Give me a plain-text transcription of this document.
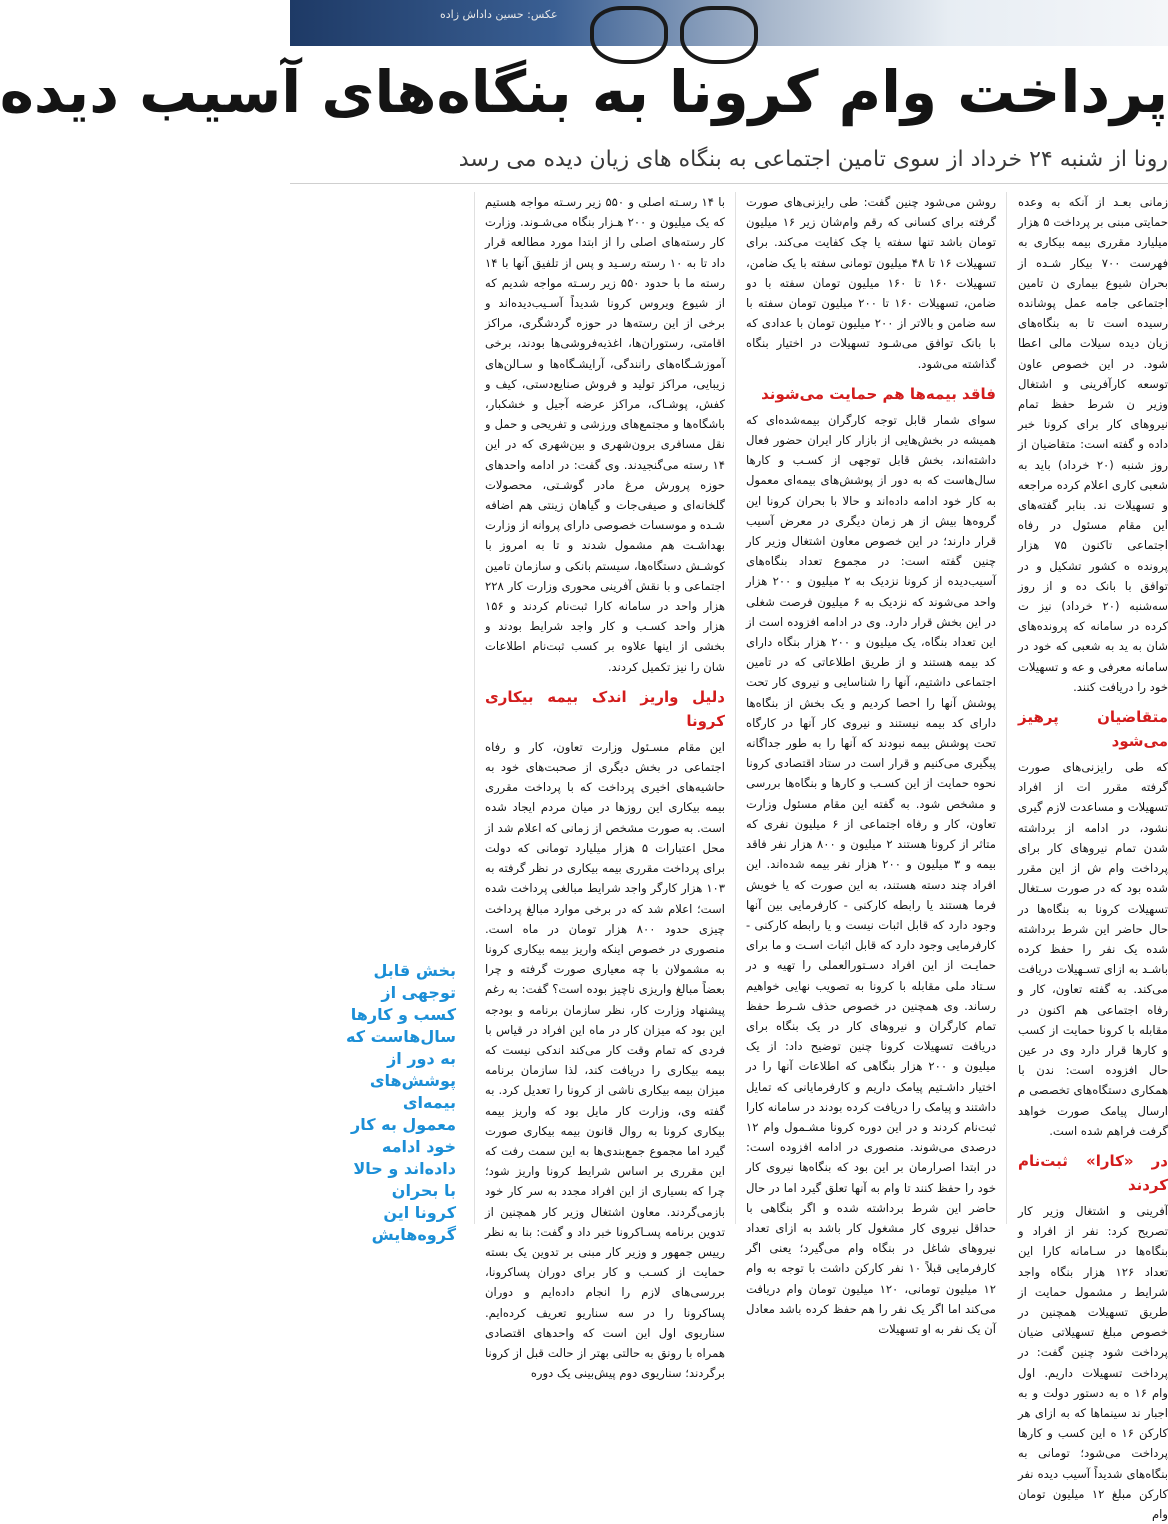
عکس: حسین داداش زاده
پرداخت وام کرونا به بنگاه‌های آسیب دیده
رونا از شنبه ۲۴ خرداد از سوی تامین اجتماعی به بنگاه های زیان دیده می رسد

زمانی بعـد از آنکه به وعده حمایتی مبنی بر پرداخت ۵ هزار میلیارد مقرری بیمه بیکاری به فهرست ۷۰۰ بیکار شـده از بحران شیوع بیماری ن تامین اجتماعی جامه عمل پوشانده رسیده است تا به بنگاه‌های زیان دیده سیلات مالی اعطا شود. در این خصوص عاون توسعه کارآفرینی و اشتغال وزیر ن شرط حفظ تمام نیروهای کار برای کرونا خبر داده و گفته است: متقاضیان از روز شنبه (۲۰ خرداد) باید به شعبی کاری اعلام کرده مراجعه و تسهیلات ند. بنابر گفته‌های این مقام مسئول در رفاه اجتماعی تاکنون ۷۵ هزار پرونده ه کشور تشکیل و در توافق با بانک ده و از روز سه‌شنبه (۲۰ خرداد) نیز ت کرده در سامانه که پرونده‌های شان به ید به شعبی که خود در سامانه معرفی و عه و تسهیلات خود را دریافت کنند.

متقاضیان پرهیز می‌شود

که طی رایزنی‌های صورت گرفته مقرر ات از افراد تسهیلات و مساعدت لازم گیری نشود، در ادامه از برداشته شدن تمام نیروهای کار برای پرداخت وام ش از این مقرر شده بود که در صورت سـتغال تسهیلات کرونا به بنگاه‌ها در حال حاضر این شرط برداشته شده یک نفر را حفظ کرده باشـد به ازای تسـهیلات دریافت می‌کند. به گفته تعاون، کار و رفاه اجتماعی هم اکنون در مقابله با کرونا حمایت از کسب و کارها قرار دارد وی در عین حال افزوده است: ندن با همکاری دستگاه‌های تخصصی م ارسال پیامک صورت خواهد گرفت فراهم شده است.

در «کارا» ثبت‌نام کردند

آفرینی و اشتغال وزیر کار تصریح کرد: نفر از افراد و بنگاه‌ها در سـامانه کارا این تعداد ۱۲۶ هزار بنگاه واجد شرایط ر مشمول حمایت از طریق تسهیلات همچنین در خصوص مبلغ تسهیلاتی ضیان پرداخت شود چنین گفت: در پرداخت تسهیلات داریم. اول وام ۱۶ ه به دستور دولت و به اجبار ند سینماها که به ازای هر کارکن ۱۶ ه این کسب و کارها پرداخت می‌شود؛ تومانی به بنگاه‌های شدیداً آسیب دیده نفر کارکن مبلغ ۱۲ میلیون تومان وام

روشن می‌شود چنین گفت: طی رایزنی‌های صورت گرفته برای کسانی که رقم وام‌شان زیر ۱۶ میلیون تومان باشد تنها سفته یا چک کفایت می‌کند. برای تسهیلات ۱۶ تا ۴۸ میلیون تومانی سفته با یک ضامن، تسهیلات ۱۶۰ تا ۱۶۰ میلیون تومان سفته با دو ضامن، تسهیلات ۱۶۰ تا ۲۰۰ میلیون تومان سفته با سه ضامن و بالاتر از ۲۰۰ میلیون تومان با عدادی که با بانک توافق می‌شـود تسهیلات در اختیار بنگاه گذاشته می‌شود.

فاقد بیمه‌ها هم حمایت می‌شوند

سوای شمار قابل توجه کارگران بیمه‌شده‌ای که همیشه در بخش‌هایی از بازار کار ایران حضور فعال داشته‌اند، بخش قابل توجهی از کسـب و کارها سال‌هاست که به دور از پوشش‌های بیمه‌ای معمول به کار خود ادامه داده‌اند و حالا با بحران کرونا این گروه‌ها بیش از هر زمان دیگری در معرض آسیب قرار دارند؛ در این خصوص معاون اشتغال وزیر کار چنین گفته است: در مجموع تعداد بنگاه‌های آسیب‌دیده از کرونا نزدیک به ۲ میلیون و ۲۰۰ هزار واحد می‌شوند که نزدیک به ۶ میلیون فرصت شغلی در این بخش قرار دارد. وی در ادامه افزوده است از این تعداد بنگاه، یک میلیون و ۲۰۰ هزار بنگاه دارای کد بیمه هستند و از طریق اطلاعاتی که در تامین اجتماعی داشتیم، آنها را شناسایی و نیروی کار تحت پوشش آنها را احصا کردیم و یک بخش از بنگاه‌ها دارای کد بیمه نیستند و نیروی کار آنها در کارگاه تحت پوشش بیمه نبودند که آنها را به طور جداگانه پیگیری می‌کنیم و قرار است در ستاد اقتصادی کرونا نحوه حمایت از این کسـب و کارها و بنگاه‌ها بررسی و مشخص شود. به گفته این مقام مسئول وزارت تعاون، کار و رفاه اجتماعی از ۶ میلیون نفری که متاثر از کرونا هستند ۲ میلیون و ۸۰۰ هزار نفر فاقد بیمه و ۳ میلیون و ۲۰۰ هزار نفر بیمه شده‌اند. این افراد چند دسته هستند، به این صورت که یا خویش فرما هستند یا رابطه کارکنی - کارفرمایی بین آنها وجود دارد که قابل اثبات نیست و یا رابطه کارکنی - کارفرمایی وجود دارد که قابل اثبات اسـت و ما برای حمایـت از این افراد دسـتورالعملی را تهیه و در سـتاد ملی مقابله با کرونا به تصویب نهایی خواهیم رساند. وی همچنین در خصوص حذف شـرط حفظ تمام کارگران و نیروهای کار در یک بنگاه برای دریافت تسهیلات کرونا چنین توضیح داد: از یک میلیون و ۲۰۰ هزار بنگاهی که اطلاعات آنها را در اختیار داشـتیم پیامک داریم و کارفرمایانی که تمایل داشتند و پیامک را دریافت کرده بودند در سامانه کارا ثبت‌نام کردند و در این دوره کرونا مشـمول وام ۱۲ درصدی می‌شوند. منصوری در ادامه افزوده است: در ابتدا اصرارمان بر این بود که بنگاه‌ها نیروی کار خود را حفظ کنند تا وام به آنها تعلق گیرد اما در حال حاضر این شرط برداشته شده و اگر بنگاهی با حداقل نیروی کار مشغول کار باشد به ازای تعداد نیروهای شاغل در بنگاه وام می‌گیرد؛ یعنی اگر کارفرمایی قبلاً ۱۰ نفر کارکن داشت با توجه به وام ۱۲ میلیون تومانی، ۱۲۰ میلیون تومان وام دریافت می‌کند اما اگر یک نفر را هم حفظ کرده باشد معادل آن یک نفر به او تسهیلات

با ۱۴ رسـته اصلی و ۵۵۰ زیر رسـته مواجه هستیم که یک میلیون و ۲۰۰ هـزار بنگاه می‌شـوند. وزارت کار رسته‌های اصلی را از ابتدا مورد مطالعه قرار داد تا به ۱۰ رسته رسـید و پس از تلفیق آنها با ۱۴ رسته ما با حدود ۵۵۰ زیر رسـته مواجه شدیم که از شیوع ویروس کرونا شدیداً آسـیب‌دیده‌اند و برخی از این رسته‌ها در حوزه گردشگری، مراکز اقامتی، رستوران‌ها، اغذیه‌فروشی‌ها بودند، برخی آموزشـگاه‌های رانندگی، آرایشـگاه‌ها و سـالن‌های زیبایی، مراکز تولید و فروش صنایع‌دستی، کیف و کفش، پوشـاک، مراکز عرضه آجیل و خشکبار، باشگاه‌ها و مجتمع‌های ورزشی و تفریحی و حمل و نقل مسافری برون‌شهری و بین‌شهری که در این ۱۴ رسته می‌گنجیدند. وی گفت: در ادامه واحدهای حوزه پرورش مرغ مادر گوشـتی، محصولات گلخانه‌ای و صیفی‌جات و گیاهان زینتی هم اضافه شـده و موسسات خصوصی دارای پروانه از وزارت بهداشـت هم مشمول شدند و تا به امروز با کوشـش دستگاه‌ها، سیستم بانکی و سازمان تامین اجتماعی و با نقش آفرینی محوری وزارت کار ۲۲۸ هزار واحد در سامانه کارا ثبت‌نام کردند و ۱۵۶ هزار واحد کسـب و کار واجد شرایط بودند و بخشی از اینها علاوه بر کسب ثبت‌نام اطلاعات شان را نیز تکمیل کردند.

دلیل واریز اندک بیمه بیکاری کرونا

این مقام مسـئول وزارت تعاون، کار و رفاه اجتماعی در بخش دیگری از صحبت‌های خود به حاشیه‌های اخیری پرداخت که با پرداخت مقرری بیمه بیکاری این روزها در میان مردم ایجاد شده است. به صورت مشخص از زمانی که اعلام شد از محل اعتبارات ۵ هزار میلیارد تومانی که دولت برای پرداخت مقرری بیمه بیکاری در نظر گرفته به ۱۰۳ هزار کارگر واجد شرایط مبالغی پرداخت شده است؛ اعلام شد که در برخی موارد مبالغ پرداخت چیزی حدود ۸۰۰ هزار تومان در ماه است. منصوری در خصوص اینکه واریز بیمه بیکاری کرونا به مشمولان با چه معیاری صورت گرفته و چرا بعضاً مبالغ واریزی ناچیز بوده است؟ گفت: به رغم پیشنهاد وزارت کار، نظر سازمان برنامه و بودجه این بود که میزان کار در ماه این افراد در قیاس با فردی که تمام وقت کار می‌کند اندکی نیست که بیمه بیکاری را دریافت کند، لذا سازمان برنامه میزان بیمه بیکاری ناشی از کرونا را تعدیل کرد. به گفته وی، وزارت کار مایل بود که واریز بیمه بیکاری کرونا به روال قانون بیمه بیکاری صورت گیرد اما مجموع جمع‌بندی‌ها به این سمت رفت که این مقرری بر اساس شرایط کرونا واریز شود؛ چرا که بسیاری از این افراد مجدد به سر کار خود بازمی‌گردند. معاون اشتغال وزیر کار همچنین از تدوین برنامه پسـاکرونا خبر داد و گفت: بنا به نظر رییس جمهور و وزیر کار مبنی بر تدوین یک بسته حمایت از کسـب و کار برای دوران پساکرونا، بررسی‌های لازم را انجام داده‌ایم و دوران پساکرونا را در سه سناریو تعریف کرده‌ایم. سناریوی اول این است که واحدهای اقتصادی همراه با رونق به حالتی بهتر از حالت قبل از کرونا برگردند؛ سناریوی دوم پیش‌بینی یک دوره

بخش قابل توجهی از کسب و کارها سال‌هاست که به دور از پوشش‌های بیمه‌ای معمول به کار خود ادامه داده‌اند و حالا با بحران کرونا این گروه‌هایش
